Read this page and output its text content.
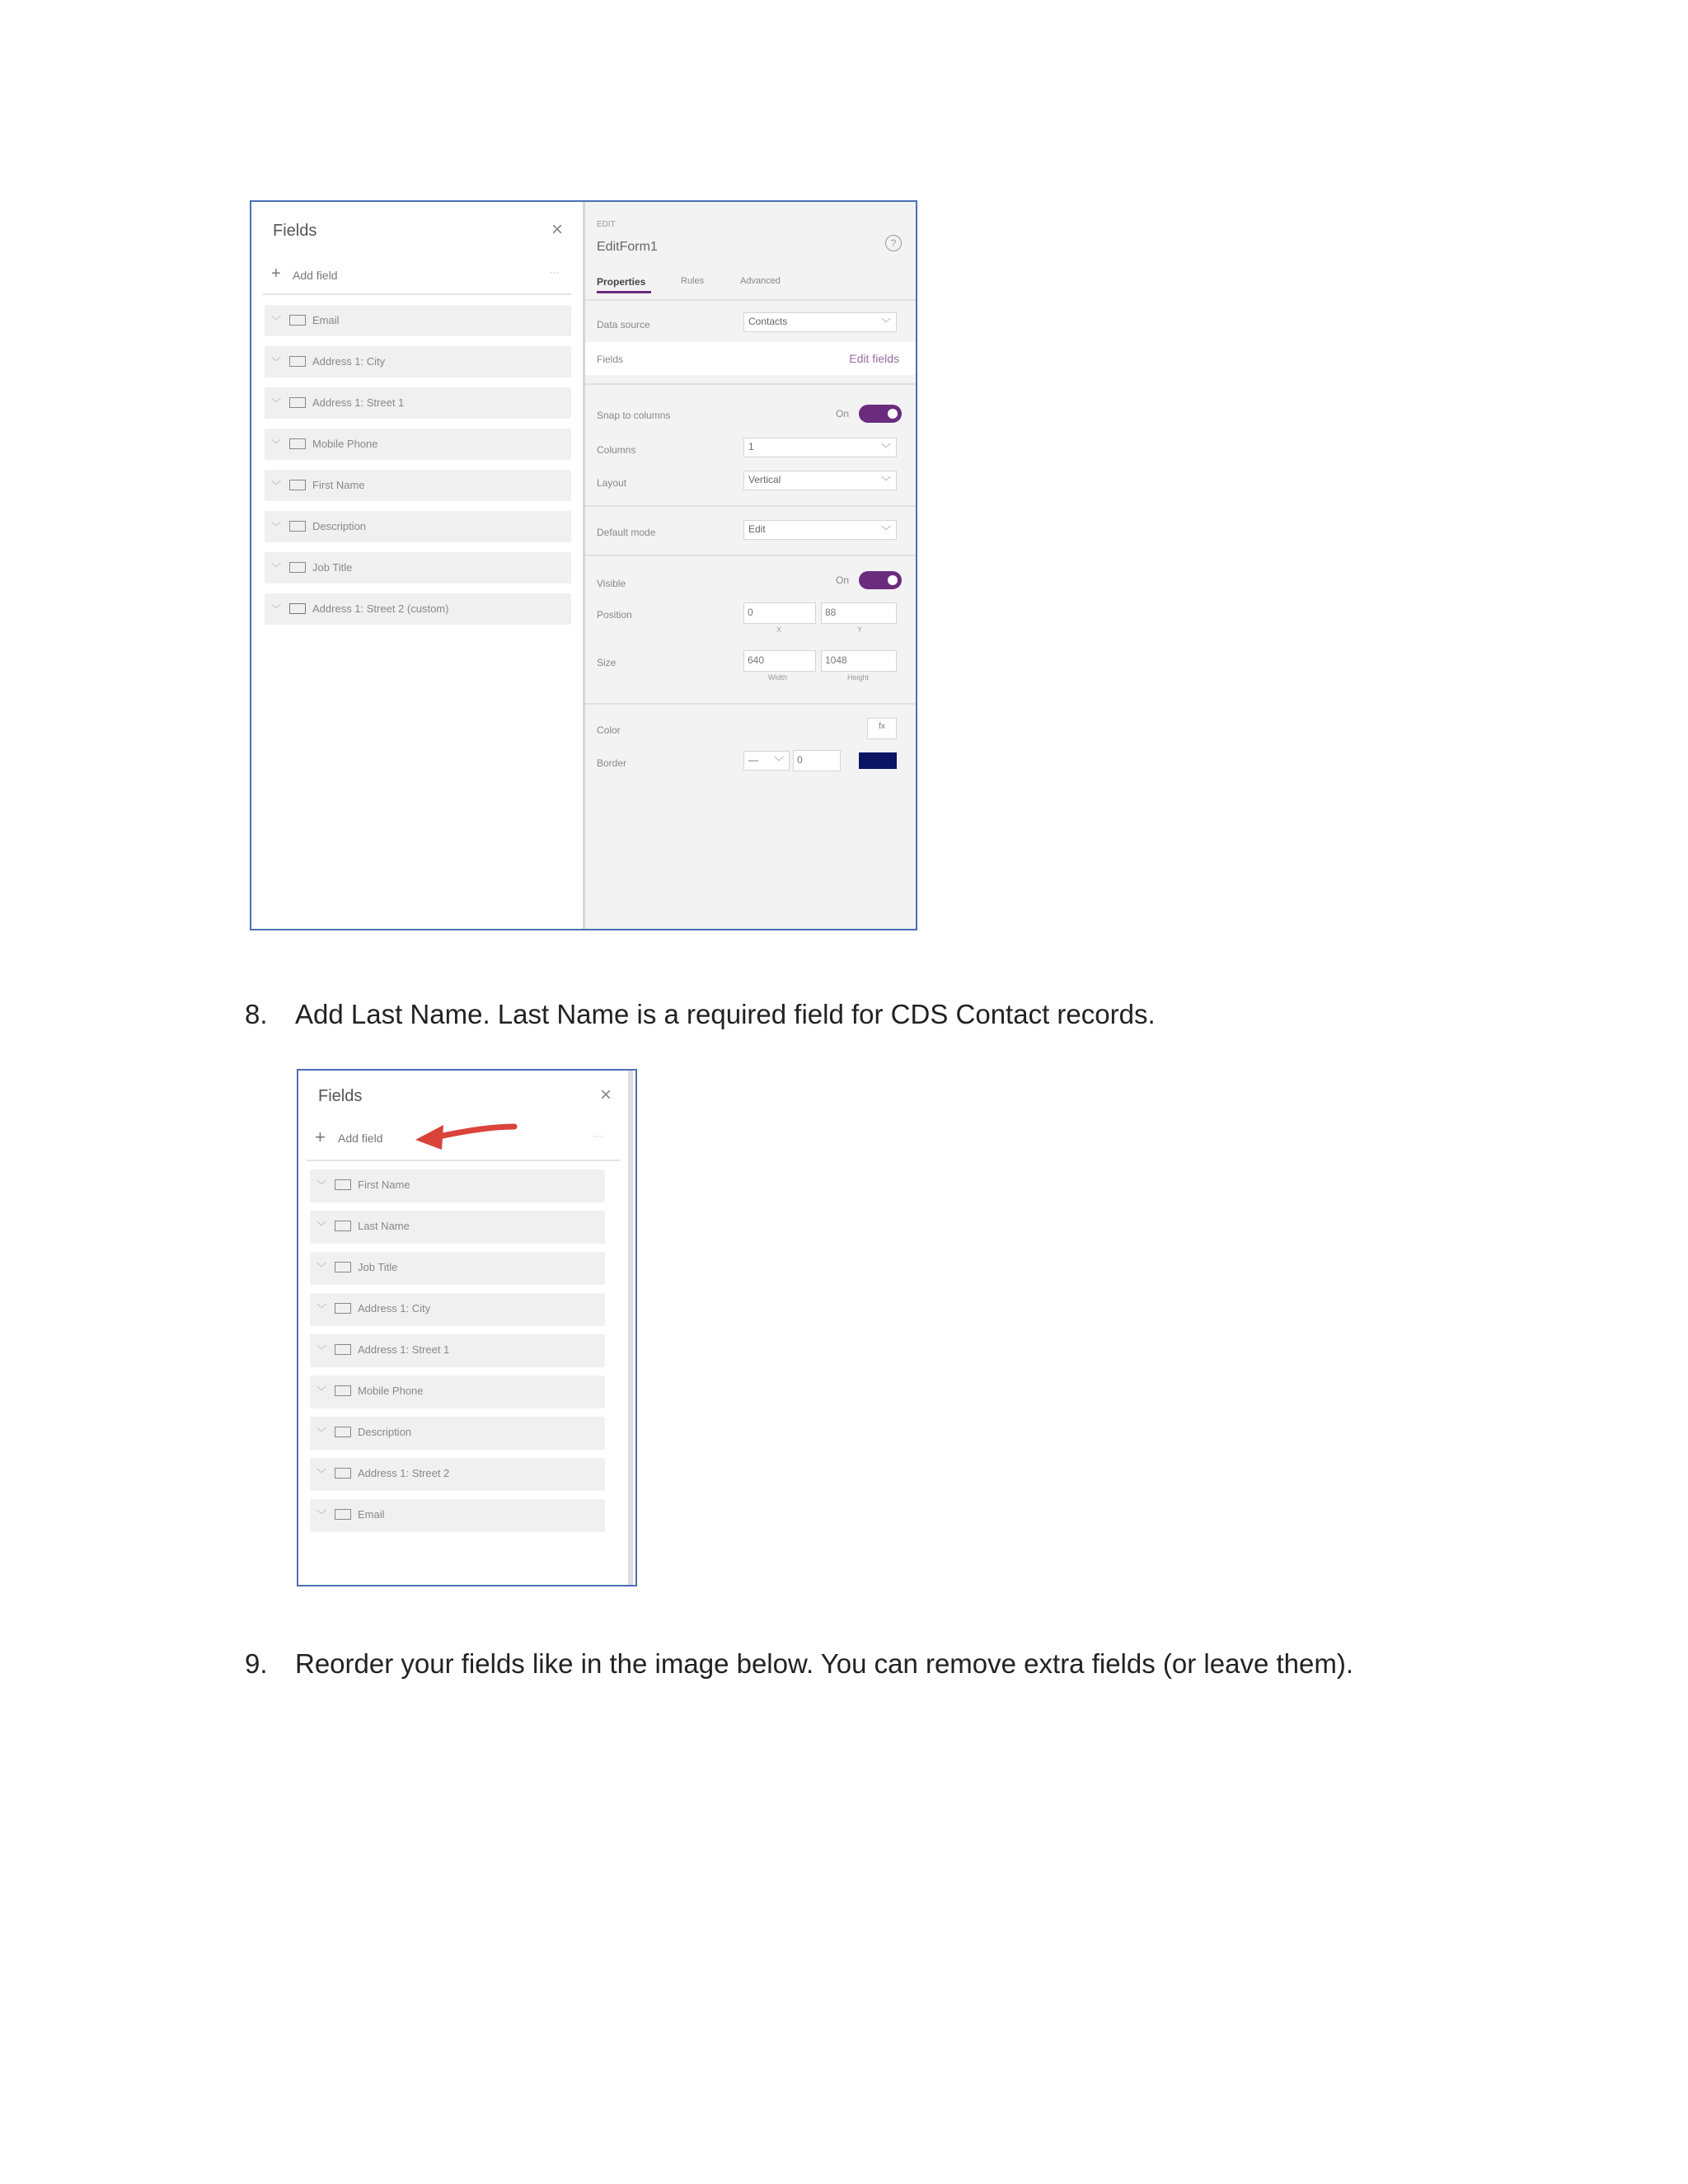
Fields	×
+ Add field	···
﹀	Email
﹀	Address 1: City
﹀	Address 1: Street 1
﹀	Mobile Phone
﹀	First Name
﹀	Description
﹀	Job Title
﹀	Address 1: Street 2 (custom)
EDIT
EditForm1	?
Properties	Rules	Advanced
Data source	Contacts	﹀
Fields	Edit fields
Snap to columns	On
Columns	1	﹀
Layout	Vertical	﹀
Default mode	Edit	﹀
Visible	On
Position	0	88
X	Y
Size	640	1048
Width	Height
Color	fx
Border	— ﹀	0
8. Add Last Name. Last Name is a required field for CDS Contact records.
Fields	×
+ Add field	···
﹀	First Name
﹀	Last Name
﹀	Job Title
﹀	Address 1: City
﹀	Address 1: Street 1
﹀	Mobile Phone
﹀	Description
﹀	Address 1: Street 2
﹀	Email
9. Reorder your fields like in the image below. You can remove extra fields (or leave them).
